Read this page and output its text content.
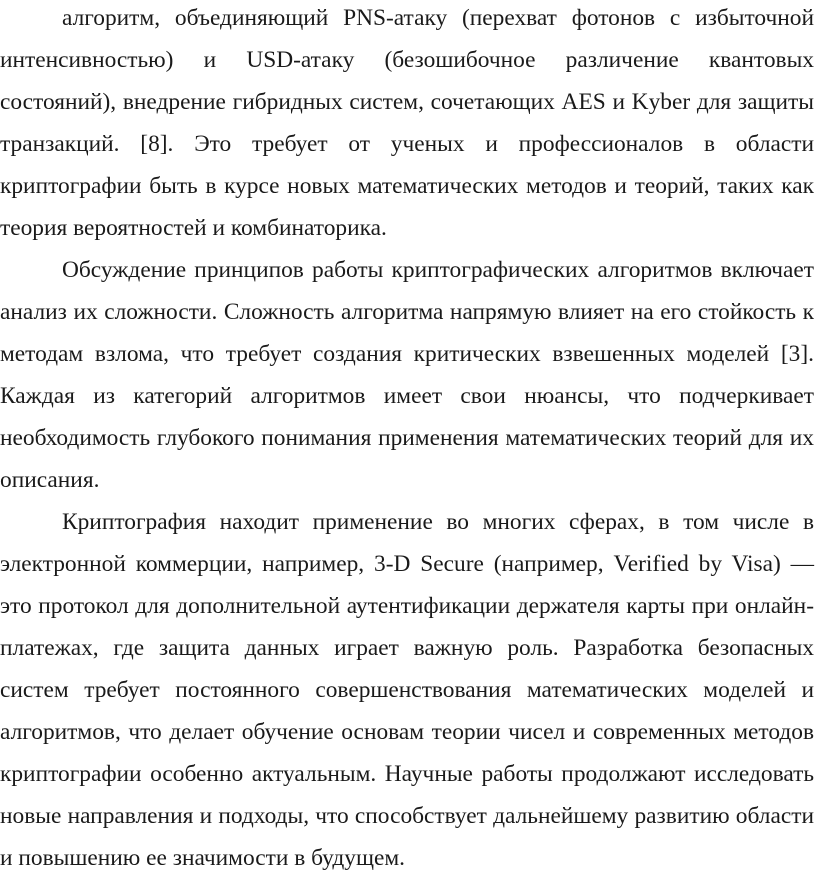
алгоритм, объединяющий PNS-атаку (перехват фотонов с избыточной интенсивностью) и USD-атаку (безошибочное различение квантовых состояний), внедрение гибридных систем, сочетающих AES и Kyber для защиты транзакций. [8]. Это требует от ученых и профессионалов в области криптографии быть в курсе новых математических методов и теорий, таких как теория вероятностей и комбинаторика.

Обсуждение принципов работы криптографических алгоритмов включает анализ их сложности. Сложность алгоритма напрямую влияет на его стойкость к методам взлома, что требует создания критических взвешенных моделей [3]. Каждая из категорий алгоритмов имеет свои нюансы, что подчеркивает необходимость глубокого понимания применения математических теорий для их описания.

Криптография находит применение во многих сферах, в том числе в электронной коммерции, например, 3-D Secure (например, Verified by Visa) — это протокол для дополнительной аутентификации держателя карты при онлайн-платежах, где защита данных играет важную роль. Разработка безопасных систем требует постоянного совершенствования математических моделей и алгоритмов, что делает обучение основам теории чисел и современных методов криптографии особенно актуальным. Научные работы продолжают исследовать новые направления и подходы, что способствует дальнейшему развитию области и повышению ее значимости в будущем.
